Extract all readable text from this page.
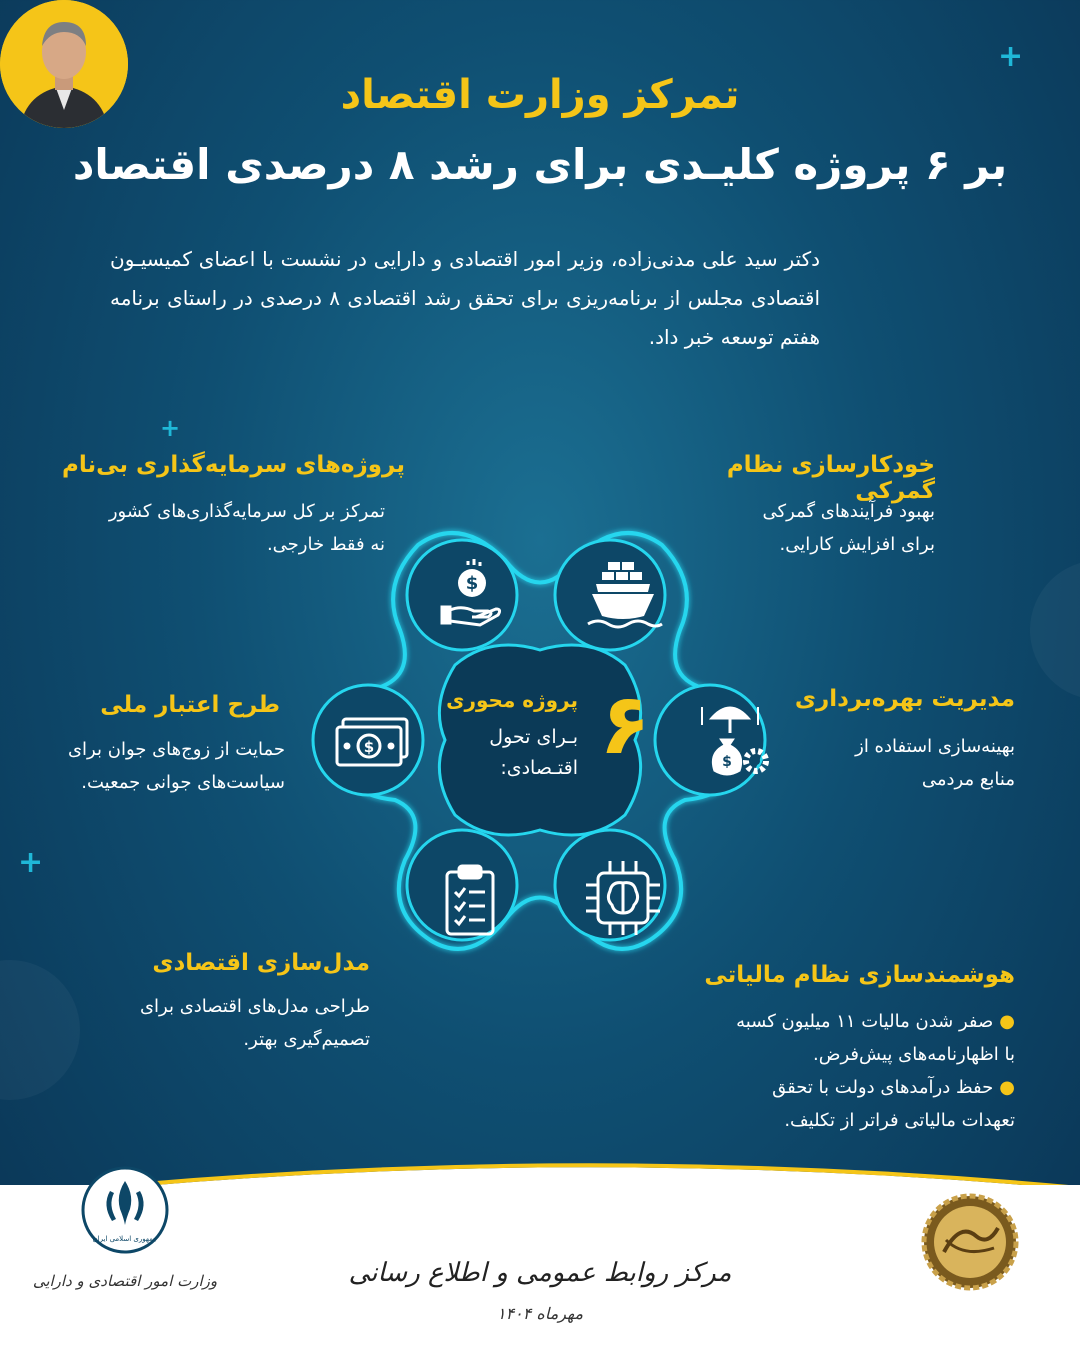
+
+
+
تمرکز وزارت اقتصاد
بر ۶ پروژه کلیـدی برای رشد ۸ درصدی اقتصاد
دکتر سید علی مدنی‌زاده، وزیر امور اقتصادی و دارایی در نشست با اعضای کمیسیـون اقتصادی مجلس از برنامه‌ریزی برای تحقق رشد اقتصادی ۸ درصدی در راستای برنامه هفتم توسعه خبر داد.
$
$
$
۶
پروژه محوری
بـرای تحول
اقتـصادی:
خودکارسازی نظام گمرکی
بهبود فرآیندهای گمرکی
برای افزایش کارایی.
پروژه‌های سرمایه‌گذاری بی‌نام
تمرکز بر کل سرمایه‌گذاری‌های کشور
نه فقط خارجی.
مدیریت بهره‌برداری
بهینه‌سازی استفاده از
منابع مردمی
طرح اعتبار ملی
حمایت از زوج‌های جوان برای
سیاست‌های جوانی جمعیت.
هوشمندسازی نظام مالیاتی
● صفر شدن مالیات ۱۱ میلیون کسبه
با اظهارنامه‌های پیش‌فرض.
● حفظ درآمدهای دولت با تحقق
تعهدات مالیاتی فراتر از تکلیف.
مدل‌سازی اقتصادی
طراحی مدل‌های اقتصادی برای
تصمیم‌گیری بهتر.
جمهوری اسلامی ایران
وزارت امور اقتصادی و دارایی	مرکز روابط عمومی و اطلاع رسانی
مهرماه ۱۴۰۴
